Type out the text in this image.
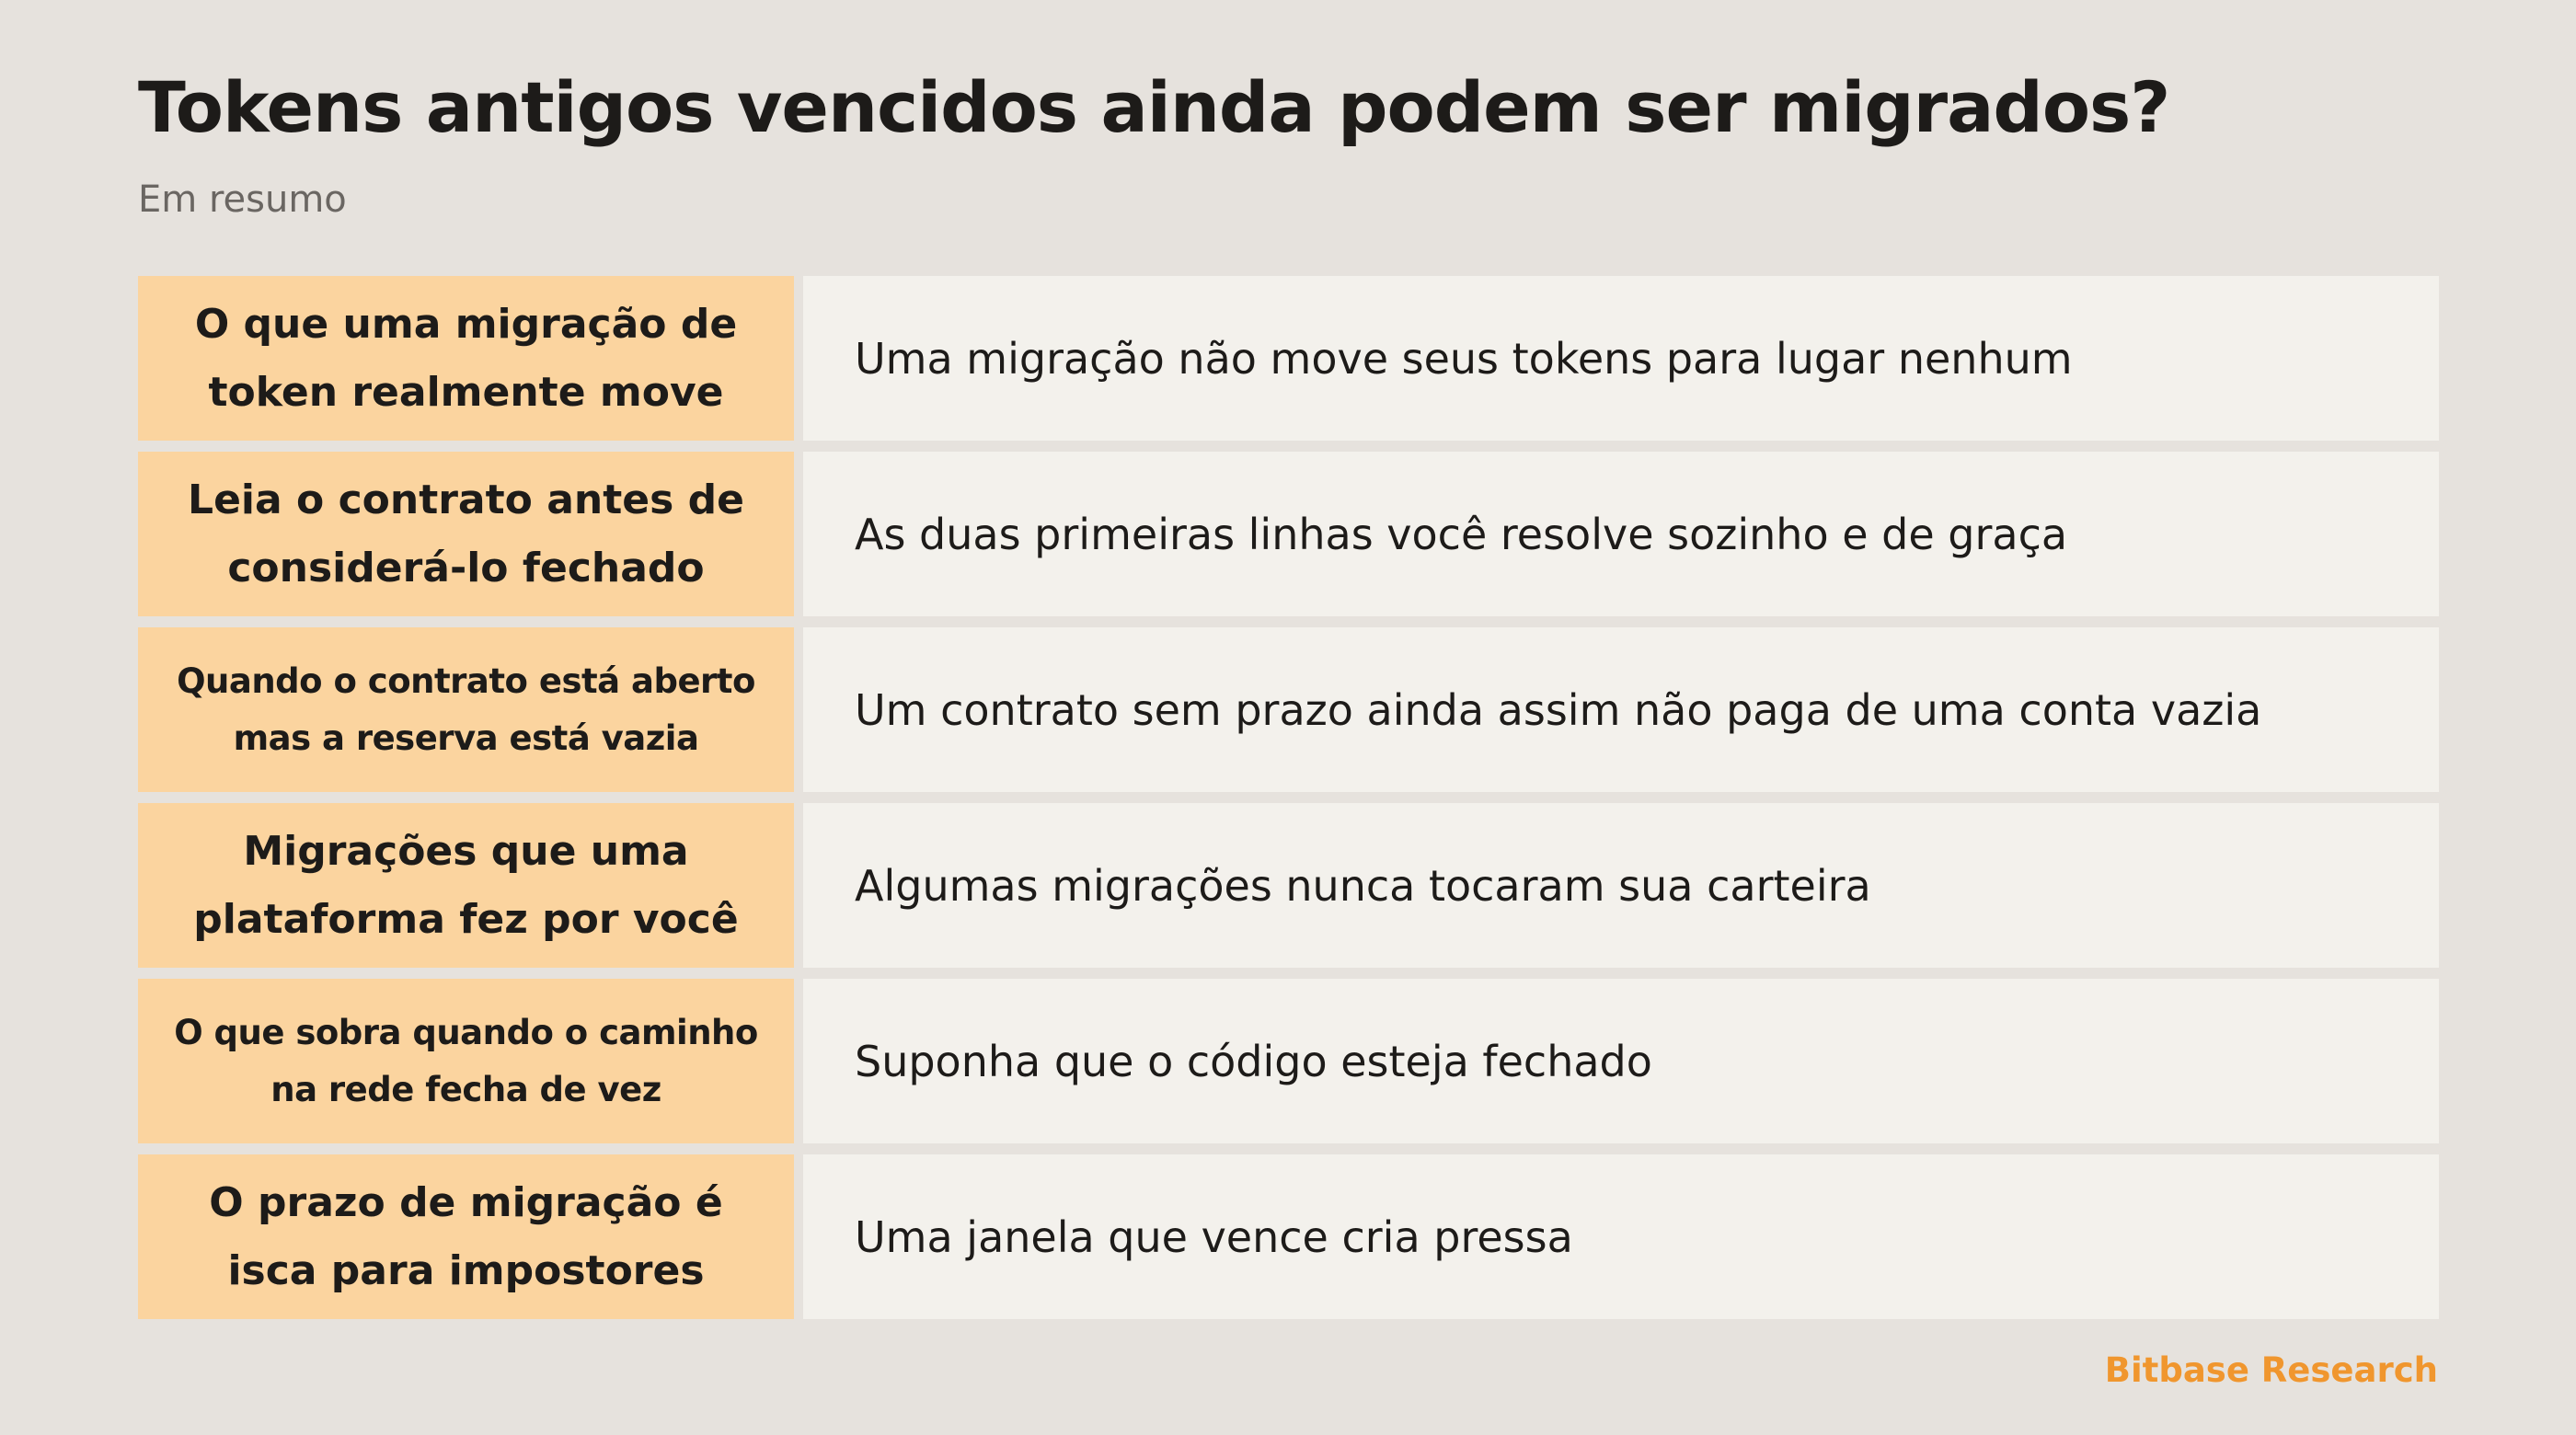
Tokens antigos vencidos ainda podem ser migrados?

Em resumo

O que uma migração de token realmente move
Uma migração não move seus tokens para lugar nenhum
Leia o contrato antes de considerá-lo fechado
As duas primeiras linhas você resolve sozinho e de graça
Quando o contrato está aberto mas a reserva está vazia
Um contrato sem prazo ainda assim não paga de uma conta vazia
Migrações que uma plataforma fez por você
Algumas migrações nunca tocaram sua carteira
O que sobra quando o caminho na rede fecha de vez
Suponha que o código esteja fechado
O prazo de migração é isca para impostores
Uma janela que vence cria pressa

Bitbase Research
